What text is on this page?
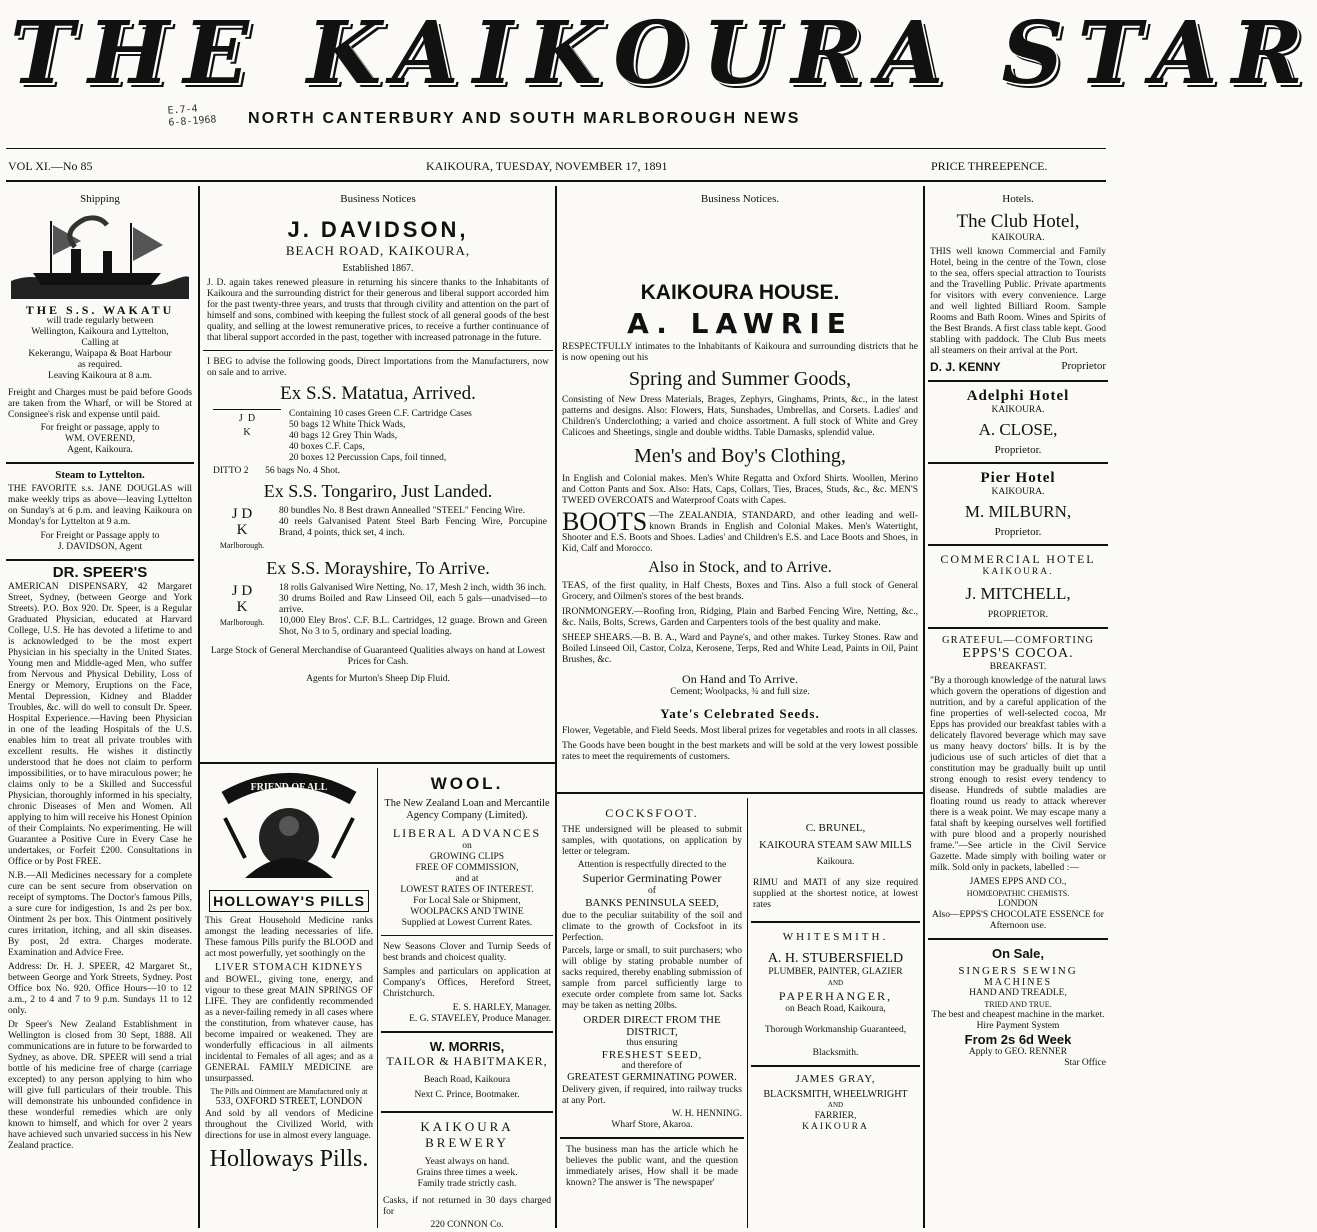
THE KAIKOURA STAR
E.7-4
6-8-1968 NORTH CANTERBURY AND SOUTH MARLBOROUGH NEWS
VOL XI.—No 85	KAIKOURA, TUESDAY, NOVEMBER 17, 1891	PRICE THREEPENCE.
Shipping
THE S.S. WAKATU
will trade regularly between
Wellington, Kaikoura and Lyttelton,
Calling at
Kekerangu, Waipapa & Boat Harbour
as required.
Leaving Kaikoura at 8 a.m.

Freight and Charges must be paid before Goods are taken from the Wharf, or will be Stored at Consignee's risk and expense until paid.

For freight or passage, apply to
WM. OVEREND,
Agent, Kaikoura.
Steam to Lyttelton.

THE FAVORITE s.s. JANE DOUGLAS will make weekly trips as above—leaving Lyttelton on Sunday's at 6 p.m. and leaving Kaikoura on Monday's for Lyttelton at 9 a.m.

For Freight or Passage apply to
J. DAVIDSON, Agent
DR. SPEER'S

AMERICAN DISPENSARY, 42 Margaret Street, Sydney, (between George and York Streets). P.O. Box 920. Dr. Speer, is a Regular Graduated Physician, educated at Harvard College, U.S. He has devoted a lifetime to and is acknowledged to be the most expert Physician in his specialty in the United States. Young men and Middle-aged Men, who suffer from Nervous and Physical Debility, Loss of Energy or Memory, Eruptions on the Face, Mental Depression, Kidney and Bladder Troubles, &c. will do well to consult Dr. Speer. Hospital Experience.—Having been Physician in one of the leading Hospitals of the U.S. enables him to treat all private troubles with excellent results. He wishes it distinctly understood that he does not claim to perform impossibilities, or to have miraculous power; he claims only to be a Skilled and Successful Physician, thoroughly informed in his specialty, chronic Diseases of Men and Women. All applying to him will receive his Honest Opinion of their Complaints. No experimenting. He will Guarantee a Positive Cure in Every Case he undertakes, or Forfeit £200. Consultations in Office or by Post FREE.

N.B.—All Medicines necessary for a complete cure can be sent secure from observation on receipt of symptoms. The Doctor's famous Pills, a sure cure for indigestion, 1s and 2s per box. Ointment 2s per box. This Ointment positively cures irritation, itching, and all skin diseases. By post, 2d extra. Charges moderate. Examination and Advice Free.

Address: Dr. H. J. SPEER, 42 Margaret St., between George and York Streets, Sydney. Post Office box No. 920. Office Hours—10 to 12 a.m., 2 to 4 and 7 to 9 p.m. Sundays 11 to 12 only.

Dr Speer's New Zealand Establishment in Wellington is closed from 30 Sept, 1888. All communications are in future to be forwarded to Sydney, as above. DR. SPEER will send a trial bottle of his medicine free of charge (carriage excepted) to any person applying to him who will give full particulars of their trouble. This will demonstrate his unbounded confidence in these wonderful remedies which are only known to himself, and which for over 2 years have achieved such unvaried success in his New Zealand practice.

Business Notices
J. DAVIDSON,
BEACH ROAD, KAIKOURA,
Established 1867.

J. D. again takes renewed pleasure in returning his sincere thanks to the Inhabitants of Kaikoura and the surrounding district for their generous and liberal support accorded him for the past twenty-three years, and trusts that through civility and attention on the part of himself and sons, combined with keeping the fullest stock of all general goods of the best quality, and selling at the lowest remunerative prices, to receive a further continuance of that liberal support accorded in the past, together with increased patronage in the future.

I BEG to advise the following goods, Direct Importations from the Manufacturers, now on sale and to arrive.

Ex S.S. Matatua, Arrived.
J D
K
Containing 10 cases Green C.F. Cartridge Cases
50 bags 12 White Thick Wads,
40 bags 12 Grey Thin Wads,
40 boxes C.F. Caps,
20 boxes 12 Percussion Caps, foil tinned,
DITTO 2 56 bags No. 4 Shot.
Ex S.S. Tongariro, Just Landed.
J D
K
Marlborough.
80 bundles No. 8 Best drawn Annealled "STEEL" Fencing Wire.
40 reels Galvanised Patent Steel Barb Fencing Wire, Porcupine Brand, 4 points, thick set, 4 inch.
Ex S.S. Morayshire, To Arrive.
J D
K
Marlborough.
18 rolls Galvanised Wire Netting, No. 17, Mesh 2 inch, width 36 inch.
30 drums Boiled and Raw Linseed Oil, each 5 gals—unadvised—to arrive.
10,000 Eley Bros'. C.F. B.L. Cartridges, 12 guage. Brown and Green Shot, No 3 to 5, ordinary and special loading.

Large Stock of General Merchandise of Guaranteed Qualities always on hand at Lowest Prices for Cash.

Agents for Murton's Sheep Dip Fluid.

FRIEND OF ALL
HOLLOWAY'S PILLS

This Great Household Medicine ranks amongst the leading necessaries of life. These famous Pills purify the BLOOD and act most powerfully, yet soothingly on the

LIVER STOMACH KIDNEYS

and BOWEL, giving tone, energy, and vigour to these great MAIN SPRINGS OF LIFE. They are confidently recommended as a never-failing remedy in all cases where the constitution, from whatever cause, has become impaired or weakened. They are wonderfully efficacious in all ailments incidental to Females of all ages; and as a GENERAL FAMILY MEDICINE are unsurpassed.

The Pills and Ointment are Manufactured only at
533, OXFORD STREET, LONDON

And sold by all vendors of Medicine throughout the Civilized World, with directions for use in almost every language.

Holloways Pills.
WOOL.
The New Zealand Loan and Mercantile Agency Company (Limited).
LIBERAL ADVANCES
on
GROWING CLIPS
FREE OF COMMISSION,
and at
LOWEST RATES OF INTEREST.
For Local Sale or Shipment,
WOOLPACKS AND TWINE
Supplied at Lowest Current Rates.

New Seasons Clover and Turnip Seeds of best brands and choicest quality.

Samples and particulars on application at Company's Offices, Hereford Street, Christchurch.

E. S. HARLEY, Manager.
E. G. STAVELEY, Produce Manager.
W. MORRIS,
TAILOR & HABITMAKER,
Beach Road, Kaikoura
Next C. Prince, Bootmaker.
KAIKOURA BREWERY
Yeast always on hand.
Grains three times a week.
Family trade strictly cash.

Casks, if not returned in 30 days charged for

220 CONNON Co.
Business Notices.
KAIKOURA HOUSE.
A. LAWRIE

RESPECTFULLY intimates to the Inhabitants of Kaikoura and surrounding districts that he is now opening out his

Spring and Summer Goods,

Consisting of New Dress Materials, Brages, Zephyrs, Ginghams, Prints, &c., in the latest patterns and designs. Also: Flowers, Hats, Sunshades, Umbrellas, and Corsets. Ladies' and Children's Underclothing; a varied and choice assortment. A full stock of White and Grey Calicoes and Sheetings, single and double widths. Table Damasks, splendid value.

Men's and Boy's Clothing,

In English and Colonial makes. Men's White Regatta and Oxford Shirts. Woollen, Merino and Cotton Pants and Sox. Also: Hats, Caps, Collars, Ties, Braces, Studs, &c., &c. MEN'S TWEED OVERCOATS and Waterproof Coats with Capes.

BOOTS —The ZEALANDIA, STANDARD, and other leading and well-known Brands in English and Colonial Makes. Men's Watertight, Shooter and E.S. Boots and Shoes. Ladies' and Children's E.S. and Lace Boots and Shoes, in Kid, Calf and Morocco.
Also in Stock, and to Arrive.

TEAS, of the first quality, in Half Chests, Boxes and Tins. Also a full stock of General Grocery, and Oilmen's stores of the best brands.

IRONMONGERY.—Roofing Iron, Ridging, Plain and Barbed Fencing Wire, Netting, &c., &c. Nails, Bolts, Screws, Garden and Carpenters tools of the best quality and make.

SHEEP SHEARS.—B. B. A., Ward and Payne's, and other makes. Turkey Stones. Raw and Boiled Linseed Oil, Castor, Colza, Kerosene, Terps, Red and White Lead, Paints in Oil, Paint Brushes, &c.

On Hand and To Arrive.
Cement; Woolpacks, ¾ and full size.
Yate's Celebrated Seeds.

Flower, Vegetable, and Field Seeds. Most liberal prizes for vegetables and roots in all classes.

The Goods have been bought in the best markets and will be sold at the very lowest possible rates to meet the requirements of customers.

COCKSFOOT.

THE undersigned will be pleased to submit samples, with quotations, on application by letter or telegram.

Attention is respectfully directed to the
Superior Germinating Power
of
BANKS PENINSULA SEED,

due to the peculiar suitability of the soil and climate to the growth of Cocksfoot in its Perfection.

Parcels, large or small, to suit purchasers; who will oblige by stating probable number of sacks required, thereby enabling submission of sample from parcel sufficiently large to execute order complete from same lot. Sacks may be taken as netting 20lbs.

ORDER DIRECT FROM THE DISTRICT,
thus ensuring
FRESHEST SEED,
and therefore of
GREATEST GERMINATING POWER.

Delivery given, if required, into railway trucks at any Port.

W. H. HENNING.
Wharf Store, Akaroa.

The business man has the article which he believes the public want, and the question immediately arises, How shall it be made known? The answer is 'The newspaper'

C. BRUNEL,
KAIKOURA STEAM SAW MILLS
Kaikoura.

RIMU and MATI of any size required supplied at the shortest notice, at lowest rates

WHITESMITH.
A. H. STUBERSFIELD
PLUMBER, PAINTER, GLAZIER
AND
PAPERHANGER,
on Beach Road, Kaikoura,
Thorough Workmanship Guaranteed,
Blacksmith.
JAMES GRAY,
BLACKSMITH, WHEELWRIGHT
AND
FARRIER,
KAIKOURA
Hotels.
The Club Hotel,
KAIKOURA.

THIS well known Commercial and Family Hotel, being in the centre of the Town, close to the sea, offers special attraction to Tourists and the Travelling Public. Private apartments for visitors with every convenience. Large and well lighted Billiard Room. Sample Rooms and Bath Room. Wines and Spirits of the Best Brands. A first class table kept. Good stabling with paddock. The Club Bus meets all steamers on their arrival at the Port.

D. J. KENNY	Proprietor
Adelphi Hotel
KAIKOURA.
A. CLOSE,
Proprietor.
Pier Hotel
KAIKOURA.
M. MILBURN,
Proprietor.
COMMERCIAL HOTEL
KAIKOURA.
J. MITCHELL,
PROPRIETOR.
GRATEFUL—COMFORTING
EPPS'S COCOA.
BREAKFAST.

"By a thorough knowledge of the natural laws which govern the operations of digestion and nutrition, and by a careful application of the fine properties of well-selected cocoa, Mr Epps has provided our breakfast tables with a delicately flavored beverage which may save us many heavy doctors' bills. It is by the judicious use of such articles of diet that a constitution may be gradually built up until strong enough to resist every tendency to disease. Hundreds of subtle maladies are floating round us ready to attack wherever there is a weak point. We may escape many a fatal shaft by keeping ourselves well fortified with pure blood and a properly nourished frame."—See article in the Civil Service Gazette. Made simply with boiling water or milk. Sold only in packets, labelled :—

JAMES EPPS AND CO.,
HOMŒOPATHIC CHEMISTS.
LONDON
Also—EPPS'S CHOCOLATE ESSENCE for Afternoon use.
On Sale,
SINGERS SEWING
MACHINES
HAND AND TREADLE,
TRIED AND TRUE.
The best and cheapest machine in the market.
Hire Payment System
From 2s 6d Week
Apply to GEO. RENNER
Star Office
